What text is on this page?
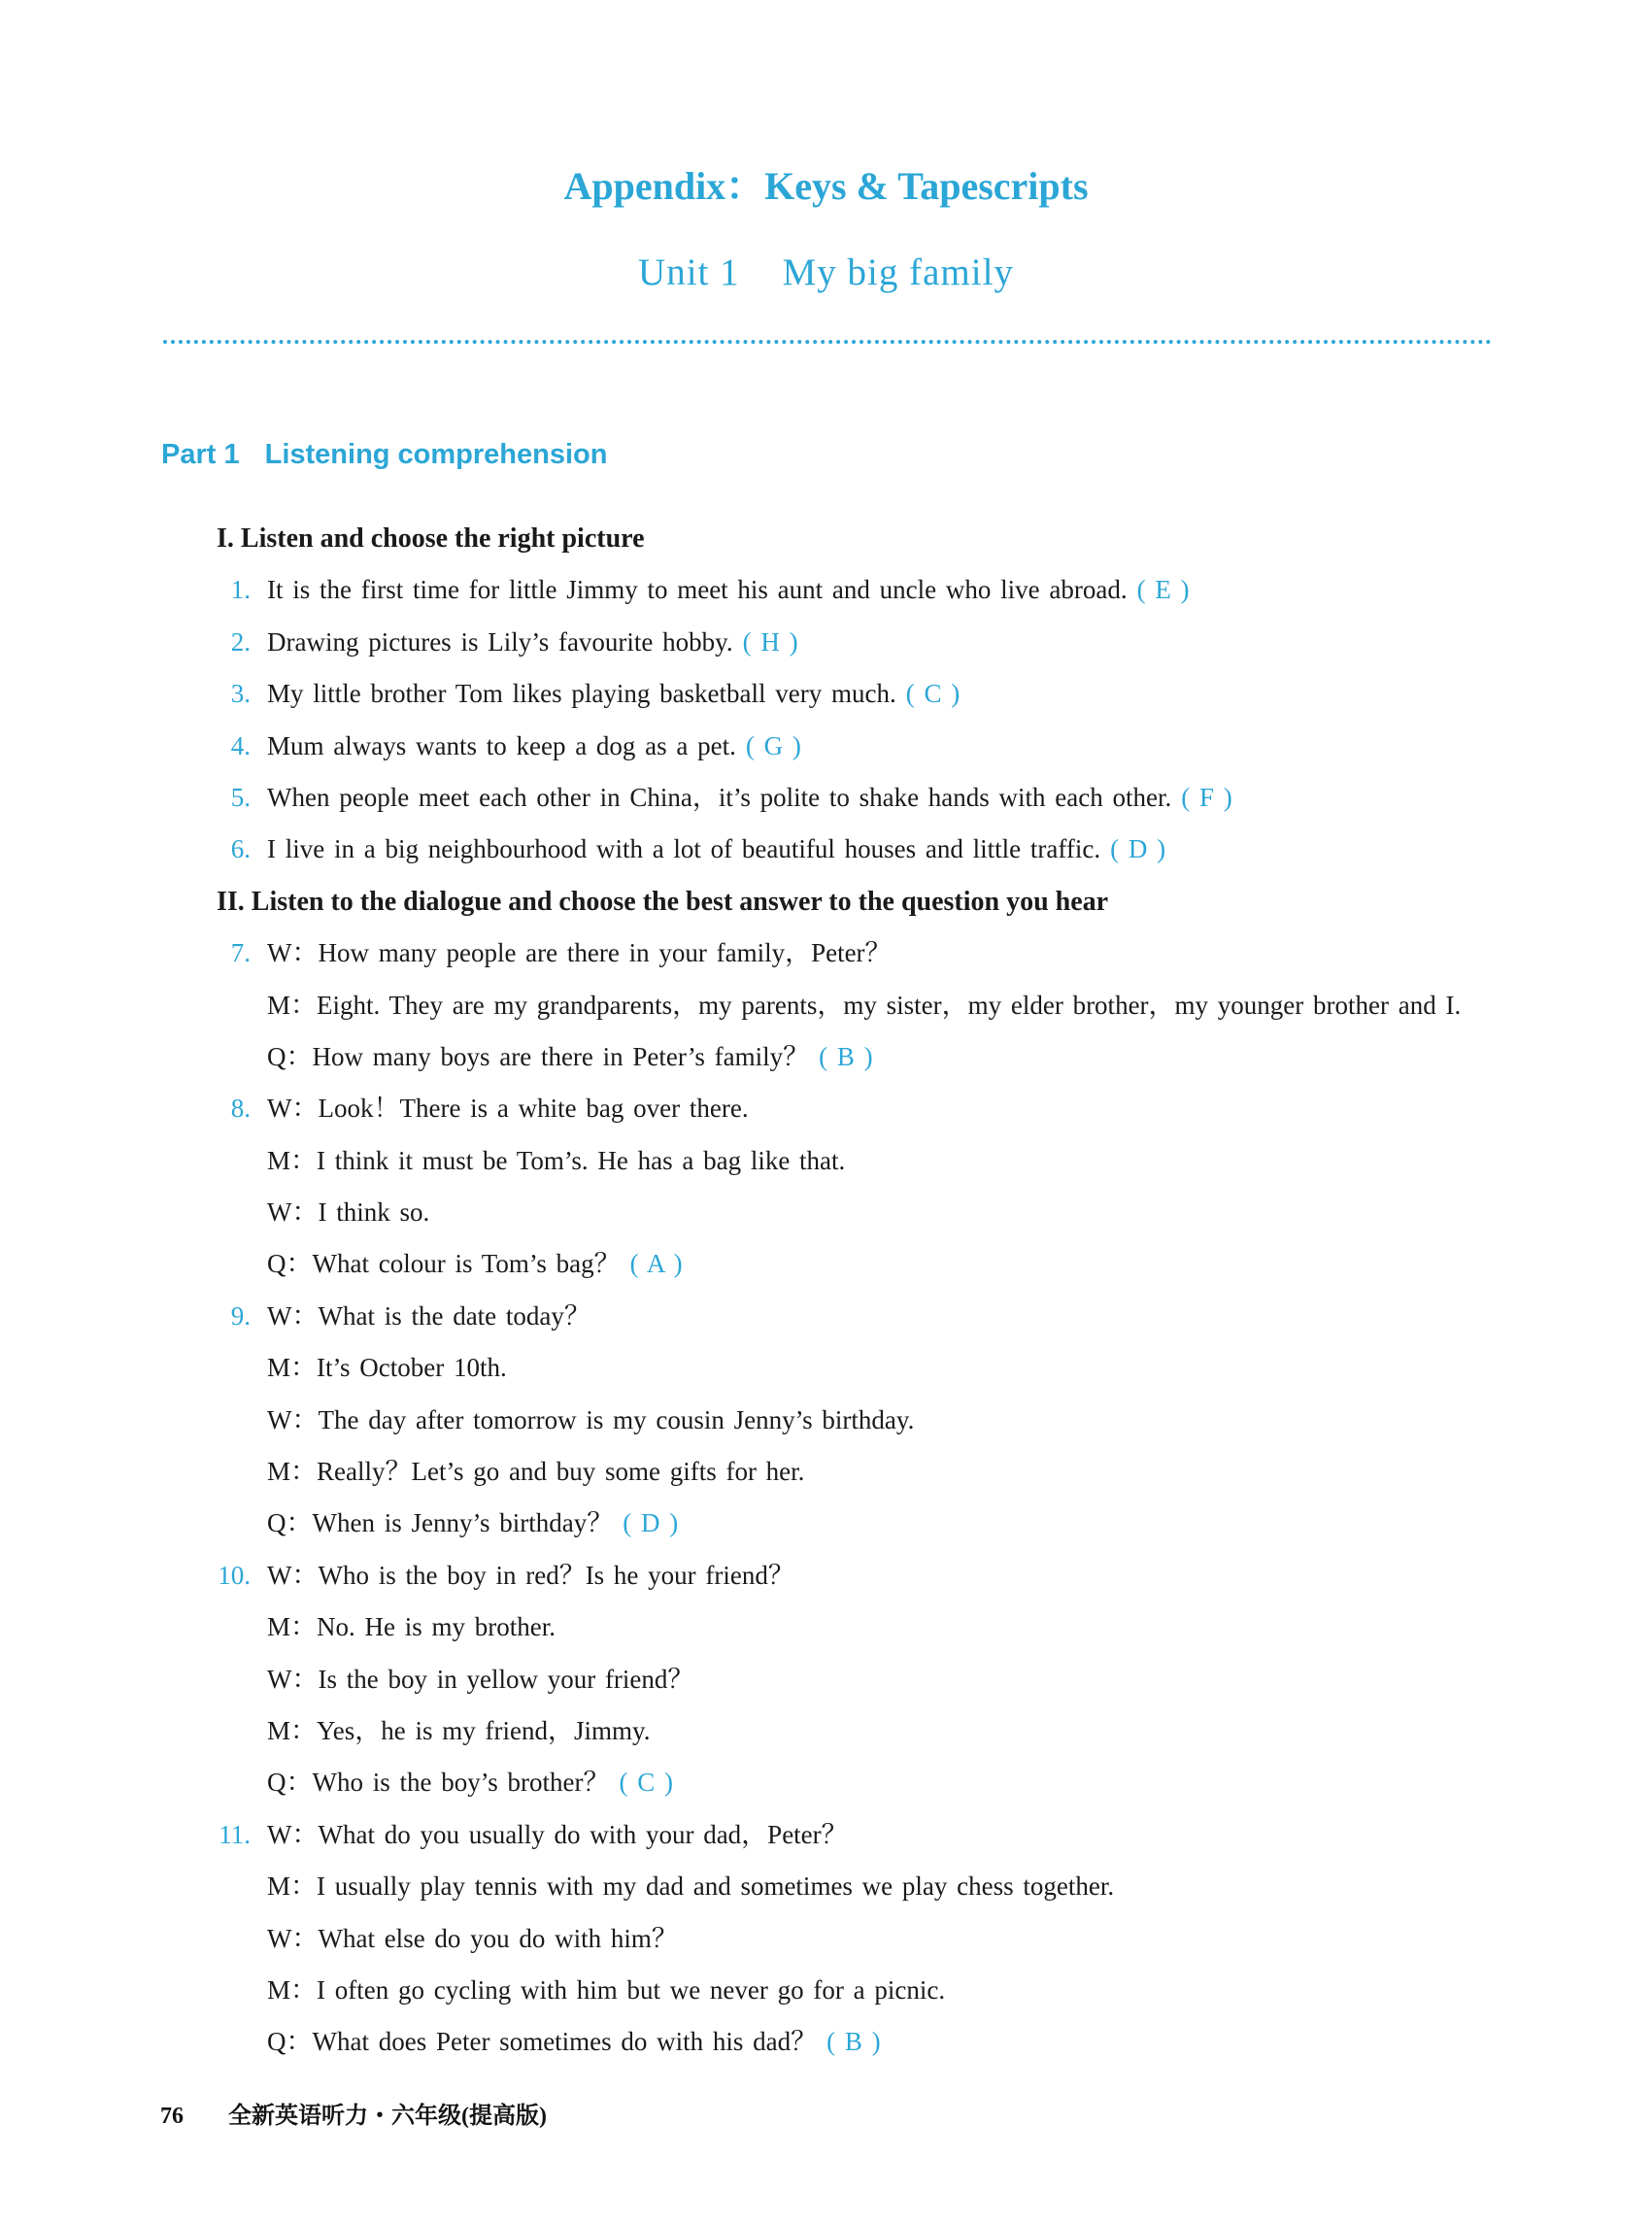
Appendix：Keys & Tapescripts
Unit 1 My big family
Part 1 Listening comprehension
I. Listen and choose the right picture
1. It is the first time for little Jimmy to meet his aunt and uncle who live abroad. ( E )
2. Drawing pictures is Lily’s favourite hobby. ( H )
3. My little brother Tom likes playing basketball very much. ( C )
4. Mum always wants to keep a dog as a pet. ( G )
5. When people meet each other in China，it’s polite to shake hands with each other. ( F )
6. I live in a big neighbourhood with a lot of beautiful houses and little traffic. ( D )
II. Listen to the dialogue and choose the best answer to the question you hear
7. W：How many people are there in your family，Peter？
M：Eight. They are my grandparents，my parents，my sister，my elder brother，my younger brother and I.
Q：How many boys are there in Peter’s family？ ( B )
8. W：Look！There is a white bag over there.
M：I think it must be Tom’s. He has a bag like that.
W：I think so.
Q：What colour is Tom’s bag？ ( A )
9. W：What is the date today？
M：It’s October 10th.
W：The day after tomorrow is my cousin Jenny’s birthday.
M：Really？Let’s go and buy some gifts for her.
Q：When is Jenny’s birthday？ ( D )
10. W：Who is the boy in red？Is he your friend？
M：No. He is my brother.
W：Is the boy in yellow your friend？
M：Yes，he is my friend，Jimmy.
Q：Who is the boy’s brother？ ( C )
11. W：What do you usually do with your dad，Peter？
M：I usually play tennis with my dad and sometimes we play chess together.
W：What else do you do with him？
M：I often go cycling with him but we never go for a picnic.
Q：What does Peter sometimes do with his dad？ ( B )
76 全新英语听力・六年级(提高版)
